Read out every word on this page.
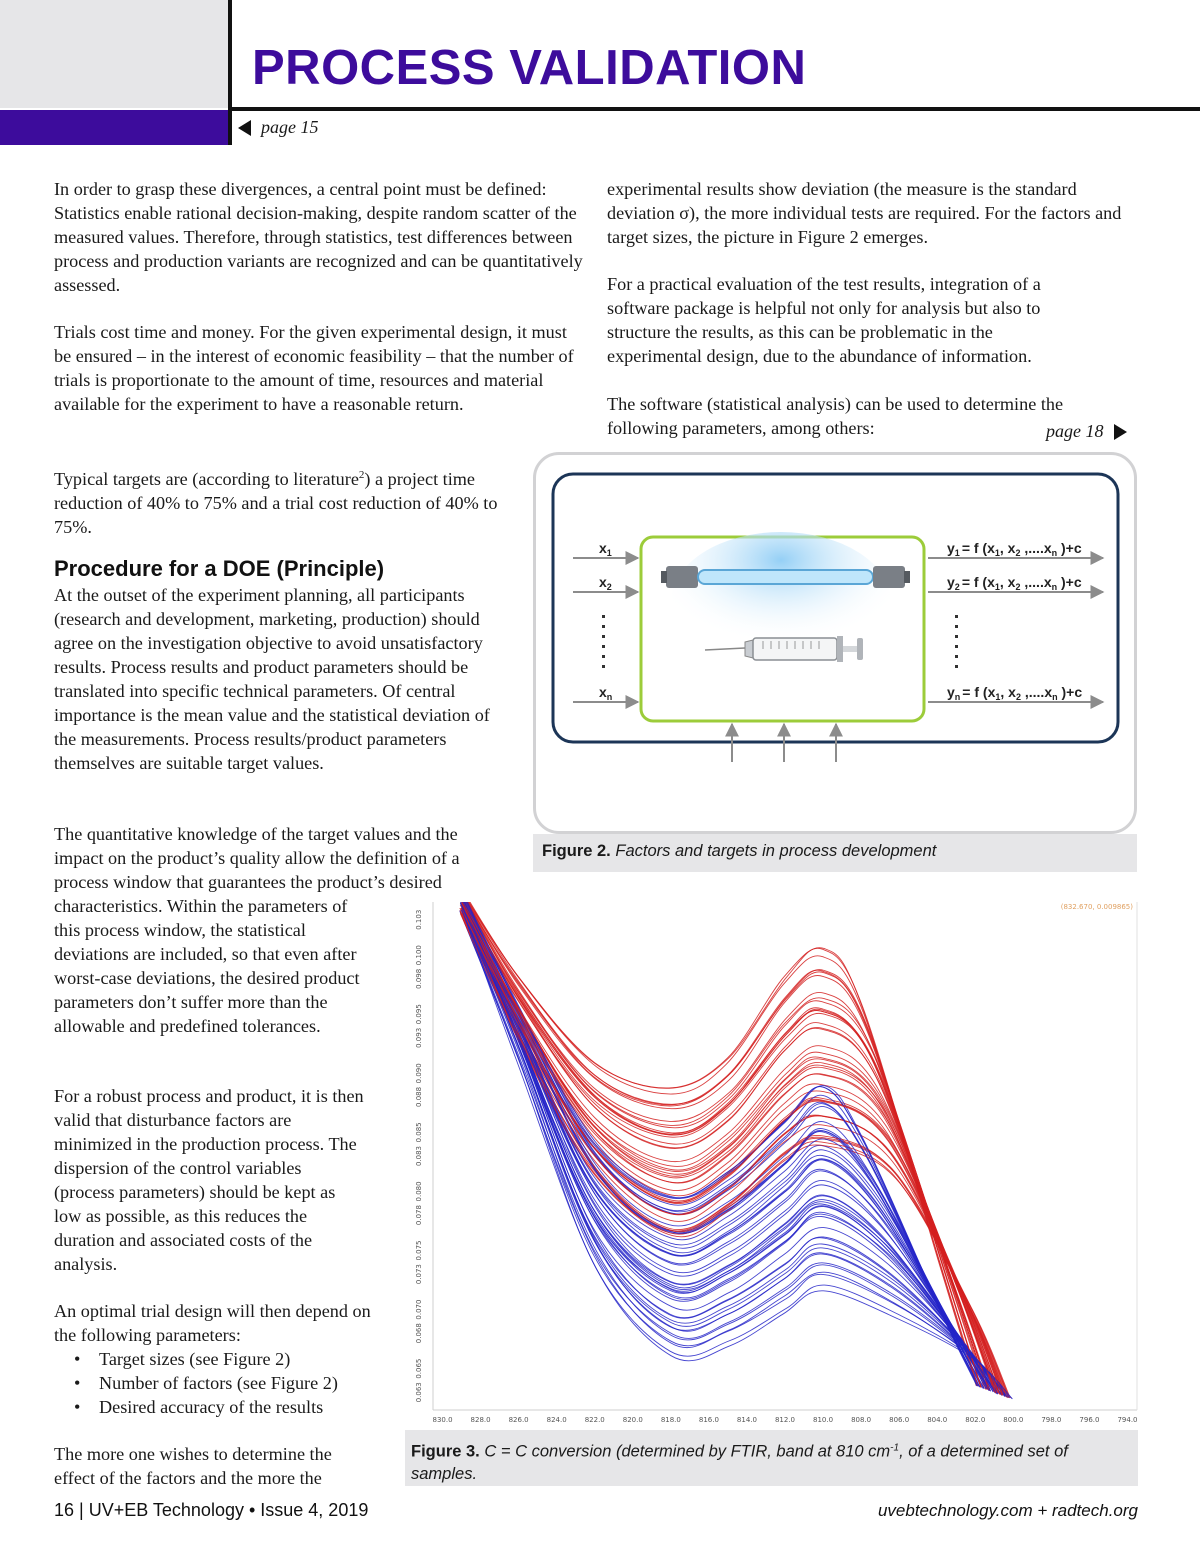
PROCESS VALIDATION
page 15
In order to grasp these divergences, a central point must be defined: Statistics enable rational decision-making, despite random scatter of the measured values. Therefore, through statistics, test differences between process and production variants are recognized and can be quantitatively assessed.
Trials cost time and money. For the given experimental design, it must be ensured – in the interest of economic feasibility – that the number of trials is proportionate to the amount of time, resources and material available for the experiment to have a reasonable return.
Typical targets are (according to literature$^2$) a project time reduction of 40% to 75% and a trial cost reduction of 40% to 75%.
Procedure for a DOE (Principle)
At the outset of the experiment planning, all participants (research and development, marketing, production) should agree on the investigation objective to avoid unsatisfactory results. Process results and product parameters should be translated into specific technical parameters. Of central importance is the mean value and the statistical deviation of the measurements. Process results/product parameters themselves are suitable target values.
The quantitative knowledge of the target values and the impact on the product’s quality allow the definition of a process window that guarantees the product’s desired
characteristics. Within the parameters of this process window, the statistical deviations are included, so that even after worst-case deviations, the desired product parameters don’t suffer more than the allowable and predefined tolerances.
For a robust process and product, it is then valid that disturbance factors are minimized in the production process. The dispersion of the control variables (process parameters) should be kept as low as possible, as this reduces the duration and associated costs of the analysis.
An optimal trial design will then depend on the following parameters:
• Target sizes (see Figure 2)
• Number of factors (see Figure 2)
• Desired accuracy of the results
The more one wishes to determine the effect of the factors and the more the
experimental results show deviation (the measure is the standard deviation σ), the more individual tests are required. For the factors and target sizes, the picture in Figure 2 emerges.
For a practical evaluation of the test results, integration of a software package is helpful not only for analysis but also to structure the results, as this can be problematic in the experimental design, due to the abundance of information.
The software (statistical analysis) can be used to determine the following parameters, among others:	page 18
$x_1$
$x_2$
$x_n$
$y_1 = f$ ($x_1$, $x_2$ $,....x_n$ )+c
$y_2 = f$ ($x_1$, $x_2$ $,....x_n$ )+c
$y_n = f$ ($x_1$, $x_2$ $,....x_n$ )+c
Figure 2. Factors and targets in process development
830.0	828.0	826.0	824.0	822.0	820.0	818.0	816.0	814.0	812.0	810.0	808.0	806.0	804.0	802.0	800.0	798.0	796.0	794.0
0.063
0.065
0.068
0.070
0.073
0.075
0.078
0.080
0.083
0.085
0.088
0.090
0.093
0.095
0.098
0.100
0.103
(832.670, 0.009865)
Figure 3. C = C conversion (determined by FTIR, band at 810 $cm^{-1}$, of a determined set of samples.
16 | UV+EB Technology • Issue 4, 2019	uvebtechnology.com + radtech.org
